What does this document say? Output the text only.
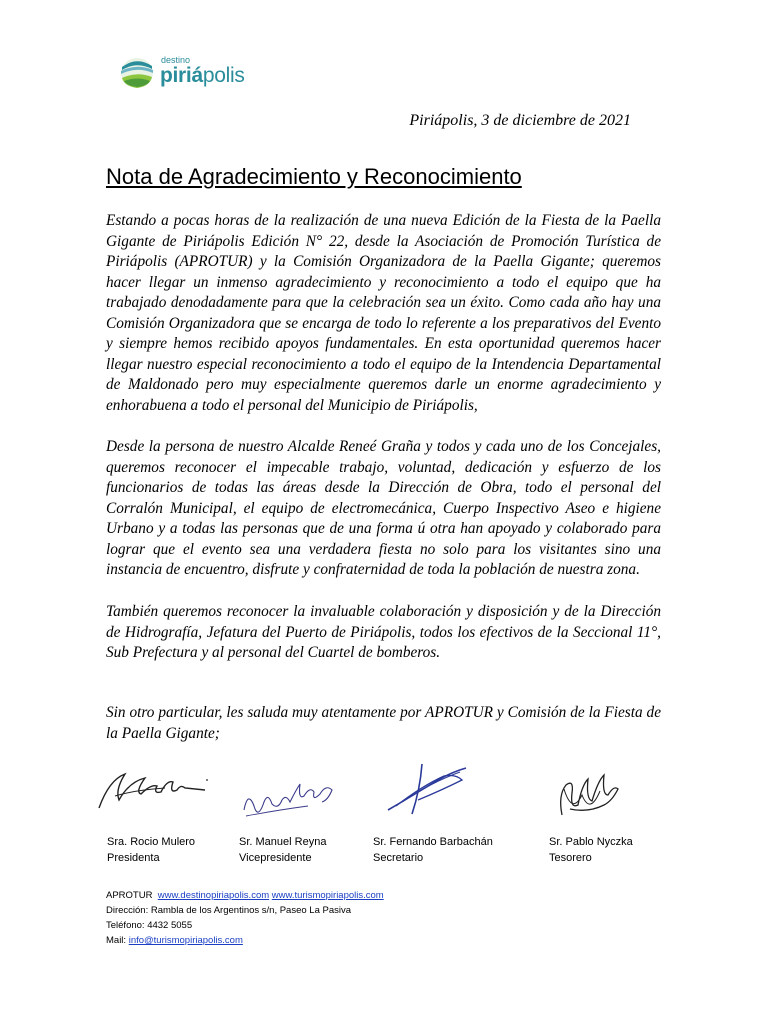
destino
piriápolis
Piriápolis, 3 de diciembre de 2021
Nota de Agradecimiento y Reconocimiento

Estando a pocas horas de la realización de una nueva Edición de la Fiesta de la Paella Gigante de Piriápolis Edición N° 22, desde la Asociación de Promoción Turística de Piriápolis (APROTUR) y la Comisión Organizadora de la Paella Gigante; queremos hacer llegar un inmenso agradecimiento y reconocimiento a todo el equipo que ha trabajado denodadamente para que la celebración sea un éxito. Como cada año hay una Comisión Organizadora que se encarga de todo lo referente a los preparativos del Evento y siempre hemos recibido apoyos fundamentales. En esta oportunidad queremos hacer llegar nuestro especial reconocimiento a todo el equipo de la Intendencia Departamental de Maldonado pero muy especialmente queremos darle un enorme agradecimiento y enhorabuena a todo el personal del Municipio de Piriápolis,

Desde la persona de nuestro Alcalde Reneé Graña y todos y cada uno de los Concejales, queremos reconocer el impecable trabajo, voluntad, dedicación y esfuerzo de los funcionarios de todas las áreas desde la Dirección de Obra, todo el personal del Corralón Municipal, el equipo de electromecánica, Cuerpo Inspectivo Aseo e higiene Urbano y a todas las personas que de una forma ú otra han apoyado y colaborado para lograr que el evento sea una verdadera fiesta no solo para los visitantes sino una instancia de encuentro, disfrute y confraternidad de toda la población de nuestra zona.

También queremos reconocer la invaluable colaboración y disposición y de la Dirección de Hidrografía, Jefatura del Puerto de Piriápolis, todos los efectivos de la Seccional 11°, Sub Prefectura y al personal del Cuartel de bomberos.

Sin otro particular, les saluda muy atentamente por APROTUR y Comisión de la Fiesta de la Paella Gigante;

Sra. Rocio Mulero
Presidenta
Sr. Manuel Reyna
Vicepresidente
Sr. Fernando Barbachán
Secretario
Sr. Pablo Nyczka
Tesorero
APROTUR www.destinopiriapolis.com www.turismopiriapolis.com
Dirección: Rambla de los Argentinos s/n, Paseo La Pasiva
Teléfono: 4432 5055
Mail: info@turismopiriapolis.com
